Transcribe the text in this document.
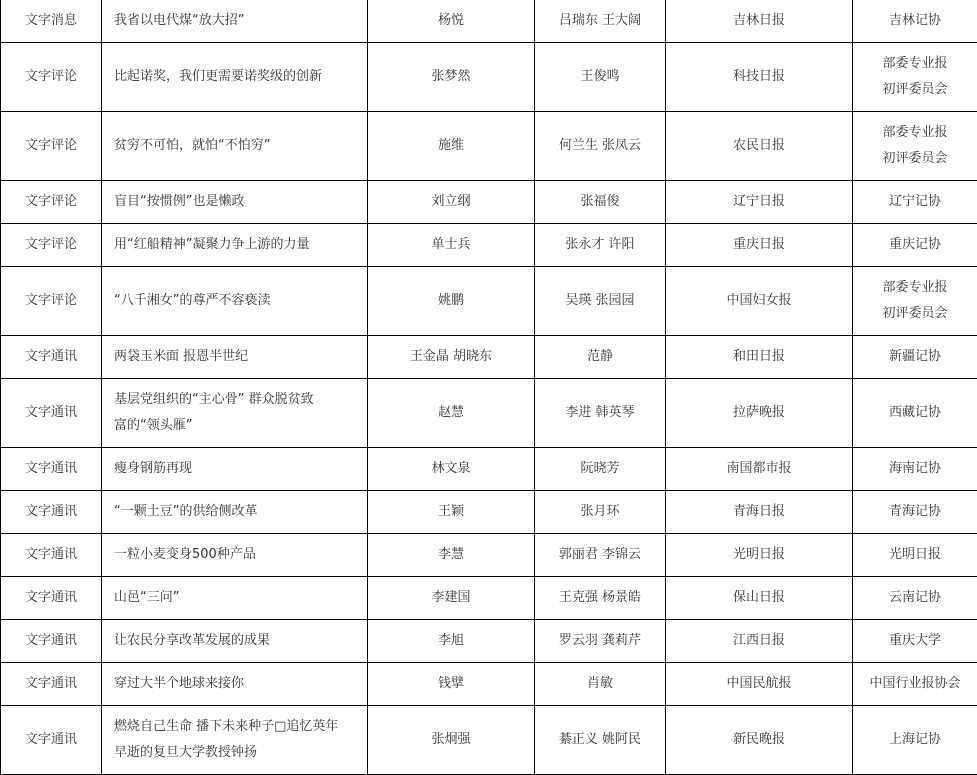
文字消息	我省以电代煤“放大招”	杨悦	吕瑞东 王大阔	吉林日报	吉林记协

文字评论	比起诺奖，我们更需要诺奖级的创新	张梦然	王俊鸣	科技日报	部委专业报
初评委员会

文字评论	贫穷不可怕，就怕“不怕穷”	施维	何兰生 张凤云	农民日报	部委专业报
初评委员会

文字评论	盲目“按惯例”也是懒政	刘立纲	张福俊	辽宁日报	辽宁记协

文字评论	用“红船精神”凝聚力争上游的力量	单士兵	张永才 许阳	重庆日报	重庆记协

文字评论	“八千湘女”的尊严不容亵渎	姚鹏	吴瑛 张园园	中国妇女报	部委专业报
初评委员会

文字通讯	两袋玉米面 报恩半世纪	王金晶 胡晓东	范静	和田日报	新疆记协

文字通讯	基层党组织的“主心骨” 群众脱贫致
富的“领头雁”	赵慧	李进 韩英琴	拉萨晚报	西藏记协

文字通讯	瘦身钢筋再现	林文泉	阮晓芳	南国都市报	海南记协

文字通讯	“一颗土豆”的供给侧改革	王颖	张月环	青海日报	青海记协

文字通讯	一粒小麦变身500种产品	李慧	郭丽君 李锦云	光明日报	光明日报

文字通讯	山邑“三问”	李建国	王克强 杨景皓	保山日报	云南记协

文字通讯	让农民分享改革发展的成果	李旭	罗云羽 龚莉芹	江西日报	重庆大学

文字通讯	穿过大半个地球来接你	钱擘	肖敏	中国民航报	中国行业报协会

文字通讯	燃烧自己生命 播下未来种子□追忆英年
早逝的复旦大学教授钟扬	张炯强	綦正义 姚阿民	新民晚报	上海记协
